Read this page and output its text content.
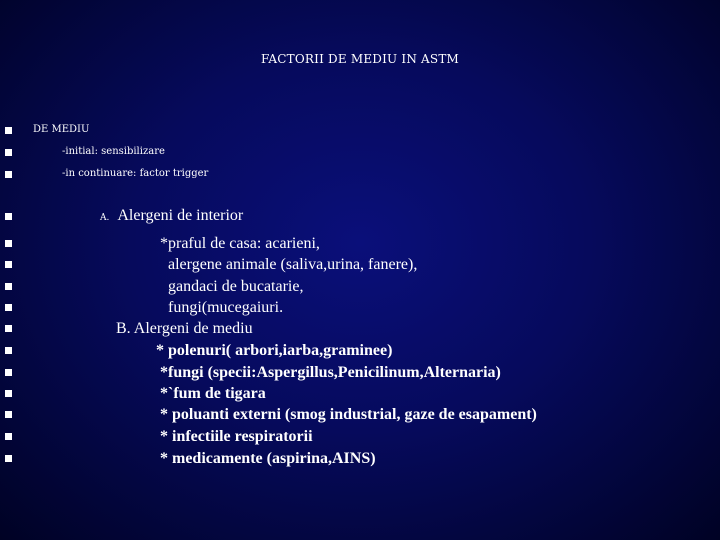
FACTORII DE MEDIU IN ASTM
DE MEDIU
-initial: sensibilizare
-in continuare: factor trigger
A. Alergeni de interior
*praful de casa: acarieni,
alergene animale (saliva,urina, fanere),
gandaci de bucatarie,
fungi(mucegaiuri.
B. Alergeni de mediu
* polenuri( arbori,iarba,graminee)
*fungi (specii:Aspergillus,Penicilinum,Alternaria)
*`fum de tigara
* poluanti externi (smog industrial, gaze de esapament)
* infectiile respiratorii
* medicamente (aspirina,AINS)
